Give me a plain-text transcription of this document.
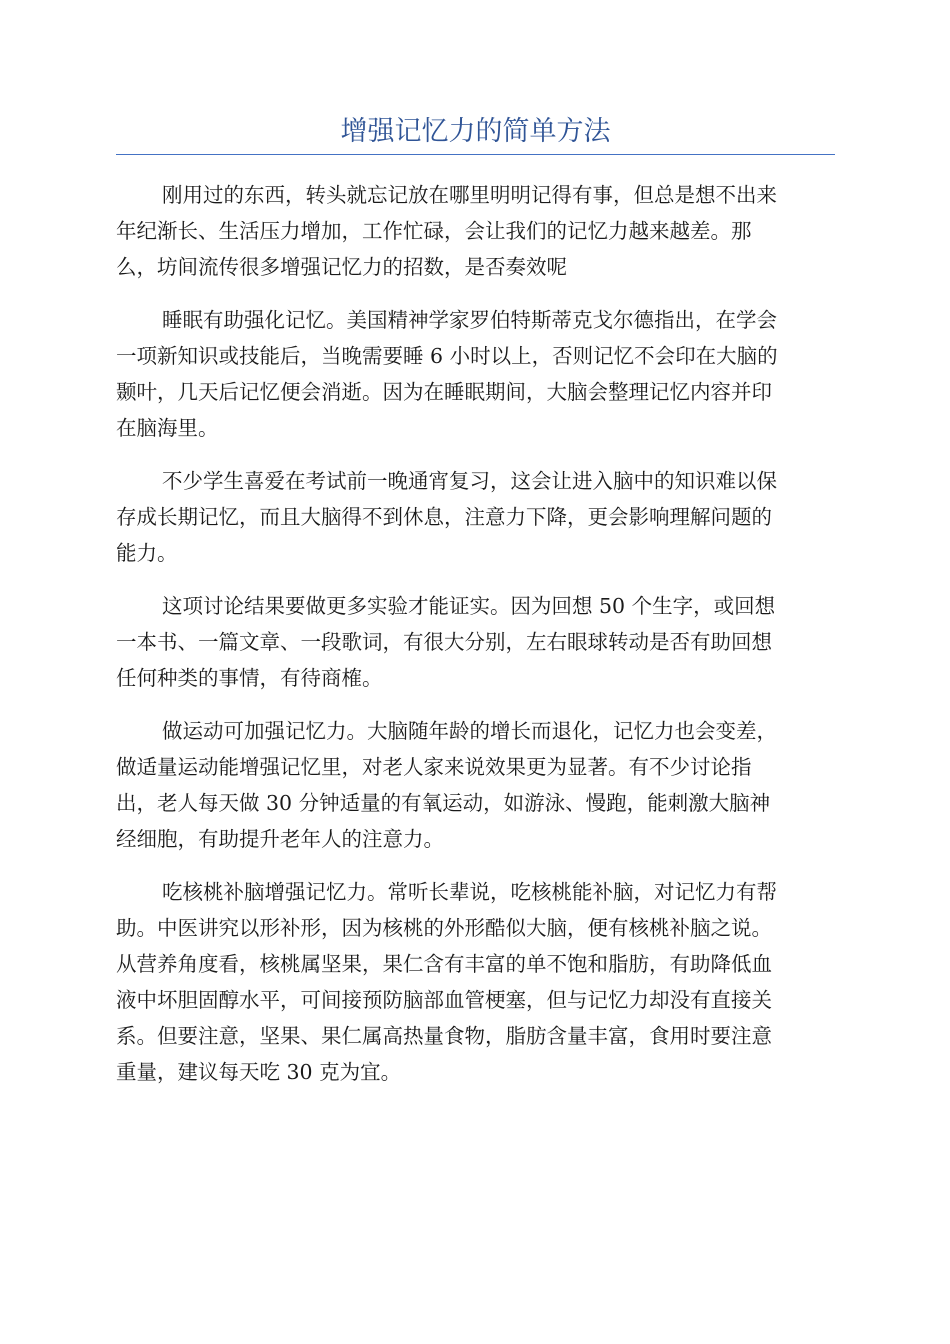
增强记忆力的简单方法

刚用过的东西，转头就忘记放在哪里明明记得有事，但总是想不出来
年纪渐长、生活压力增加，工作忙碌，会让我们的记忆力越来越差。那
么，坊间流传很多增强记忆力的招数，是否奏效呢

睡眠有助强化记忆。美国精神学家罗伯特斯蒂克戈尔德指出，在学会
一项新知识或技能后，当晚需要睡 6 小时以上，否则记忆不会印在大脑的
颞叶，几天后记忆便会消逝。因为在睡眠期间，大脑会整理记忆内容并印
在脑海里。

不少学生喜爱在考试前一晚通宵复习，这会让进入脑中的知识难以保
存成长期记忆，而且大脑得不到休息，注意力下降，更会影响理解问题的
能力。

这项讨论结果要做更多实验才能证实。因为回想 50 个生字，或回想
一本书、一篇文章、一段歌词，有很大分别，左右眼球转动是否有助回想
任何种类的事情，有待商榷。

做运动可加强记忆力。大脑随年龄的增长而退化，记忆力也会变差，
做适量运动能增强记忆里，对老人家来说效果更为显著。有不少讨论指
出，老人每天做 30 分钟适量的有氧运动，如游泳、慢跑，能刺激大脑神
经细胞，有助提升老年人的注意力。

吃核桃补脑增强记忆力。常听长辈说，吃核桃能补脑，对记忆力有帮
助。中医讲究以形补形，因为核桃的外形酷似大脑，便有核桃补脑之说。
从营养角度看，核桃属坚果，果仁含有丰富的单不饱和脂肪，有助降低血
液中坏胆固醇水平，可间接预防脑部血管梗塞，但与记忆力却没有直接关
系。但要注意，坚果、果仁属高热量食物，脂肪含量丰富，食用时要注意
重量，建议每天吃 30 克为宜。
